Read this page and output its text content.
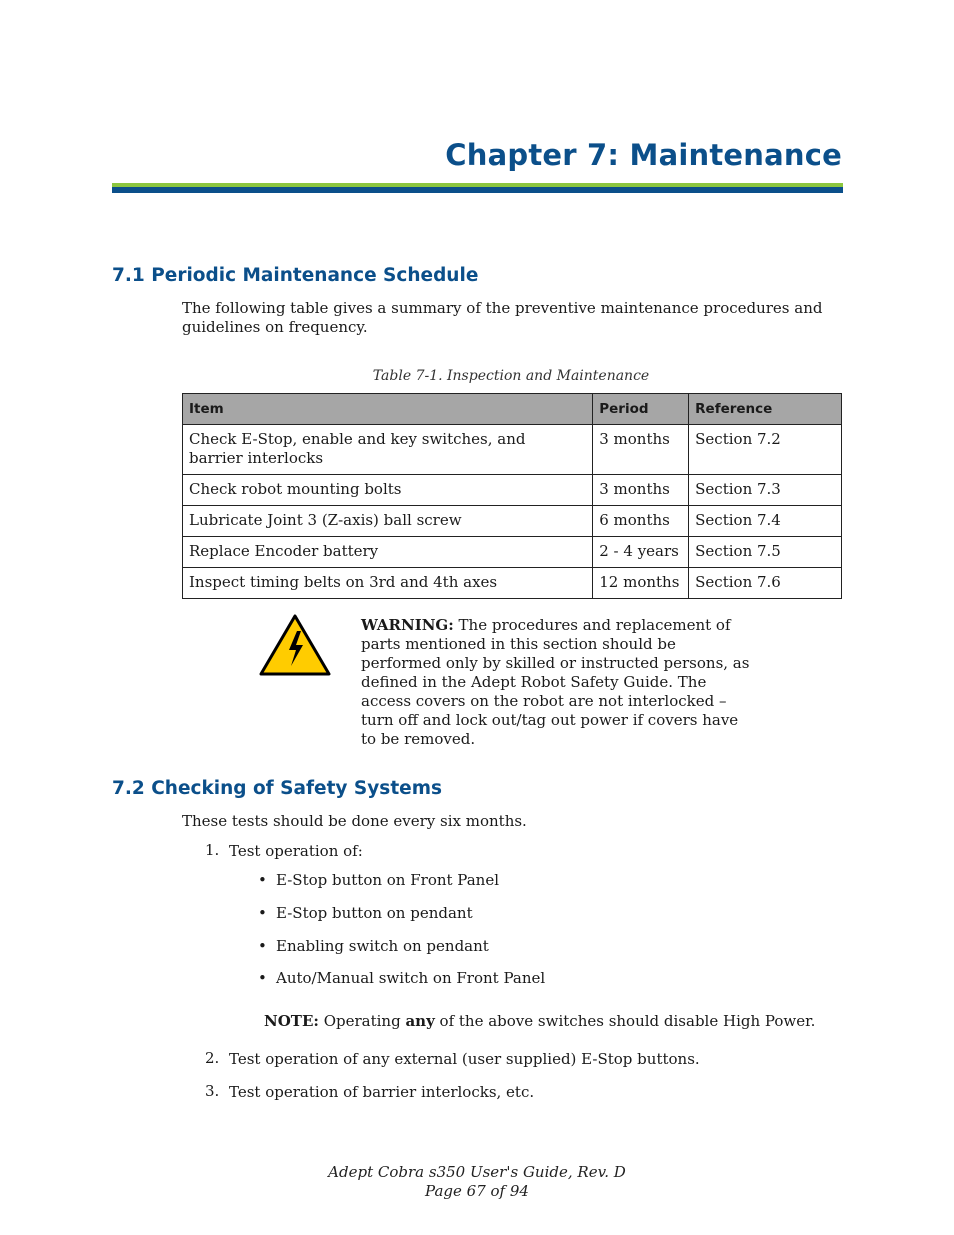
Chapter 7: Maintenance
7.1 Periodic Maintenance Schedule
The following table gives a summary of the preventive maintenance procedures and
guidelines on frequency.
Table 7-1. Inspection and Maintenance
Item	Period	Reference
Check E-Stop, enable and key switches, and barrier interlocks	3 months	Section 7.2
Check robot mounting bolts	3 months	Section 7.3
Lubricate Joint 3 (Z-axis) ball screw	6 months	Section 7.4
Replace Encoder battery	2 - 4 years	Section 7.5
Inspect timing belts on 3rd and 4th axes	12 months	Section 7.6
WARNING: The procedures and replacement of parts mentioned in this section should be performed only by skilled or instructed persons, as defined in the Adept Robot Safety Guide. The access covers on the robot are not interlocked – turn off and lock out/tag out power if covers have to be removed.
7.2 Checking of Safety Systems
These tests should be done every six months.
1. Test operation of:
• E-Stop button on Front Panel
• E-Stop button on pendant
• Enabling switch on pendant
• Auto/Manual switch on Front Panel
NOTE: Operating any of the above switches should disable High Power.
2. Test operation of any external (user supplied) E-Stop buttons.
3. Test operation of barrier interlocks, etc.
Adept Cobra s350 User's Guide, Rev. D
Page 67 of 94
